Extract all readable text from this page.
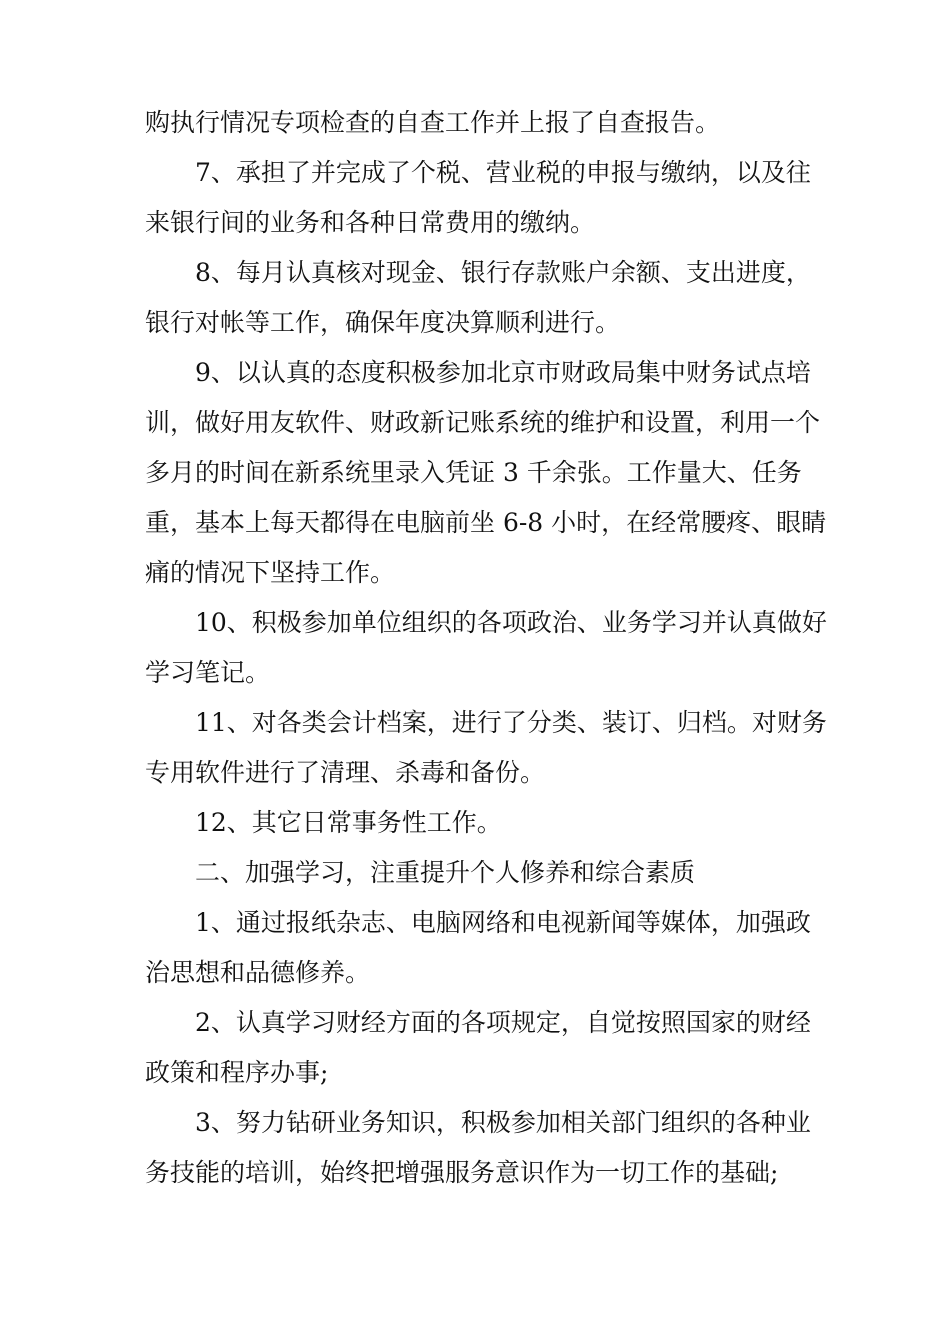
购执行情况专项检查的自查工作并上报了自查报告。

7、承担了并完成了个税、营业税的申报与缴纳，以及往来银行间的业务和各种日常费用的缴纳。

8、每月认真核对现金、银行存款账户余额、支出进度，银行对帐等工作，确保年度决算顺利进行。

9、以认真的态度积极参加北京市财政局集中财务试点培训，做好用友软件、财政新记账系统的维护和设置，利用一个多月的时间在新系统里录入凭证 3 千余张。工作量大、任务重，基本上每天都得在电脑前坐 6-8 小时，在经常腰疼、眼睛痛的情况下坚持工作。

10、积极参加单位组织的各项政治、业务学习并认真做好学习笔记。

11、对各类会计档案，进行了分类、装订、归档。对财务专用软件进行了清理、杀毒和备份。

12、其它日常事务性工作。

二、加强学习，注重提升个人修养和综合素质

1、通过报纸杂志、电脑网络和电视新闻等媒体，加强政治思想和品德修养。

2、认真学习财经方面的各项规定，自觉按照国家的财经政策和程序办事;

3、努力钻研业务知识，积极参加相关部门组织的各种业务技能的培训，始终把增强服务意识作为一切工作的基础;
